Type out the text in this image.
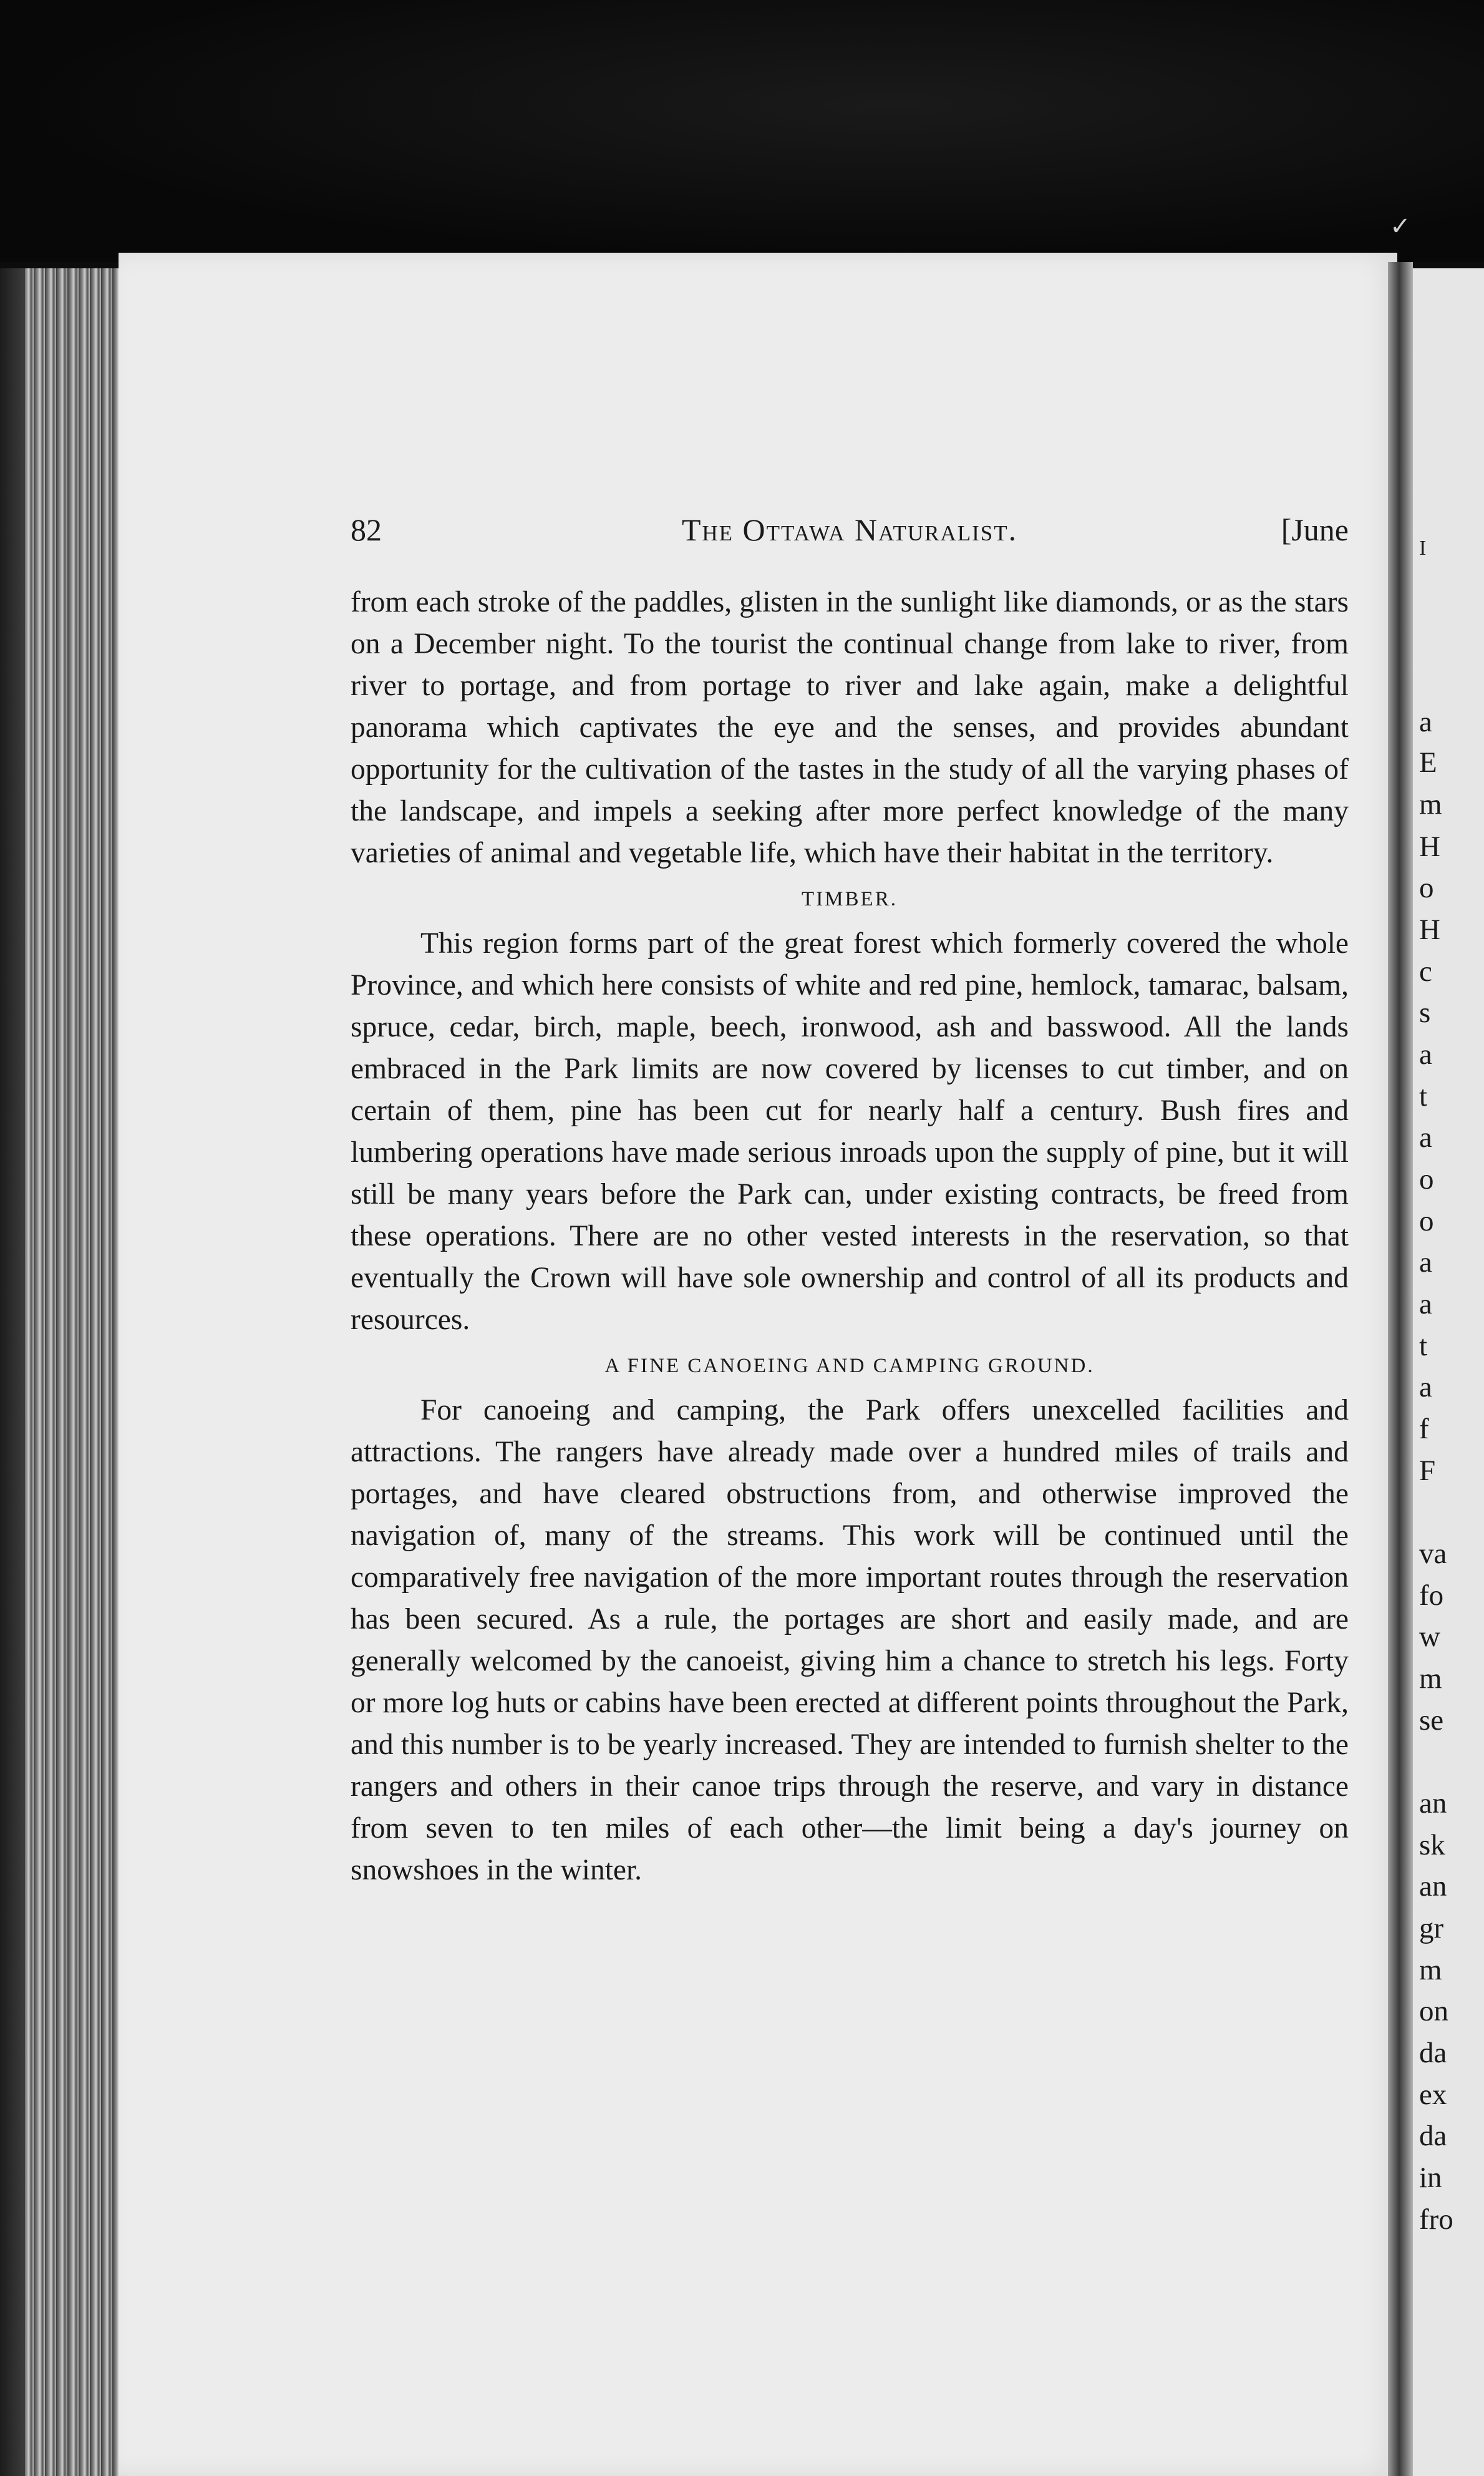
✓
82	The Ottawa Naturalist.	[June

from each stroke of the paddles, glisten in the sunlight like diamonds, or as the stars on a December night. To the tourist the continual change from lake to river, from river to portage, and from portage to river and lake again, make a delightful panorama which captivates the eye and the senses, and provides abundant opportunity for the cultivation of the tastes in the study of all the varying phases of the landscape, and impels a seeking after more perfect knowledge of the many varieties of animal and vegetable life, which have their habitat in the territory.

TIMBER.

This region forms part of the great forest which formerly covered the whole Province, and which here consists of white and red pine, hemlock, tamarac, balsam, spruce, cedar, birch, maple, beech, ironwood, ash and basswood. All the lands embraced in the Park limits are now covered by licenses to cut timber, and on certain of them, pine has been cut for nearly half a century. Bush fires and lumbering operations have made serious inroads upon the supply of pine, but it will still be many years before the Park can, under existing contracts, be freed from these operations. There are no other vested interests in the reservation, so that eventually the Crown will have sole ownership and control of all its products and resources.

A FINE CANOEING AND CAMPING GROUND.

For canoeing and camping, the Park offers unexcelled facilities and attractions. The rangers have already made over a hundred miles of trails and portages, and have cleared obstructions from, and otherwise improved the navigation of, many of the streams. This work will be continued until the comparatively free navigation of the more important routes through the reservation has been secured. As a rule, the portages are short and easily made, and are generally welcomed by the canoeist, giving him a chance to stretch his legs. Forty or more log huts or cabins have been erected at different points throughout the Park, and this number is to be yearly increased. They are intended to furnish shelter to the rangers and others in their canoe trips through the reserve, and vary in distance from seven to ten miles of each other—the limit being a day's journey on snowshoes in the winter.

I
a
E
m
H
o
H
c
s
a
t
a
o
o
a
a
t
a
f
F
va
fo
w
m
se
an
sk
an
gr
m
on
da
ex
da
in
fro
